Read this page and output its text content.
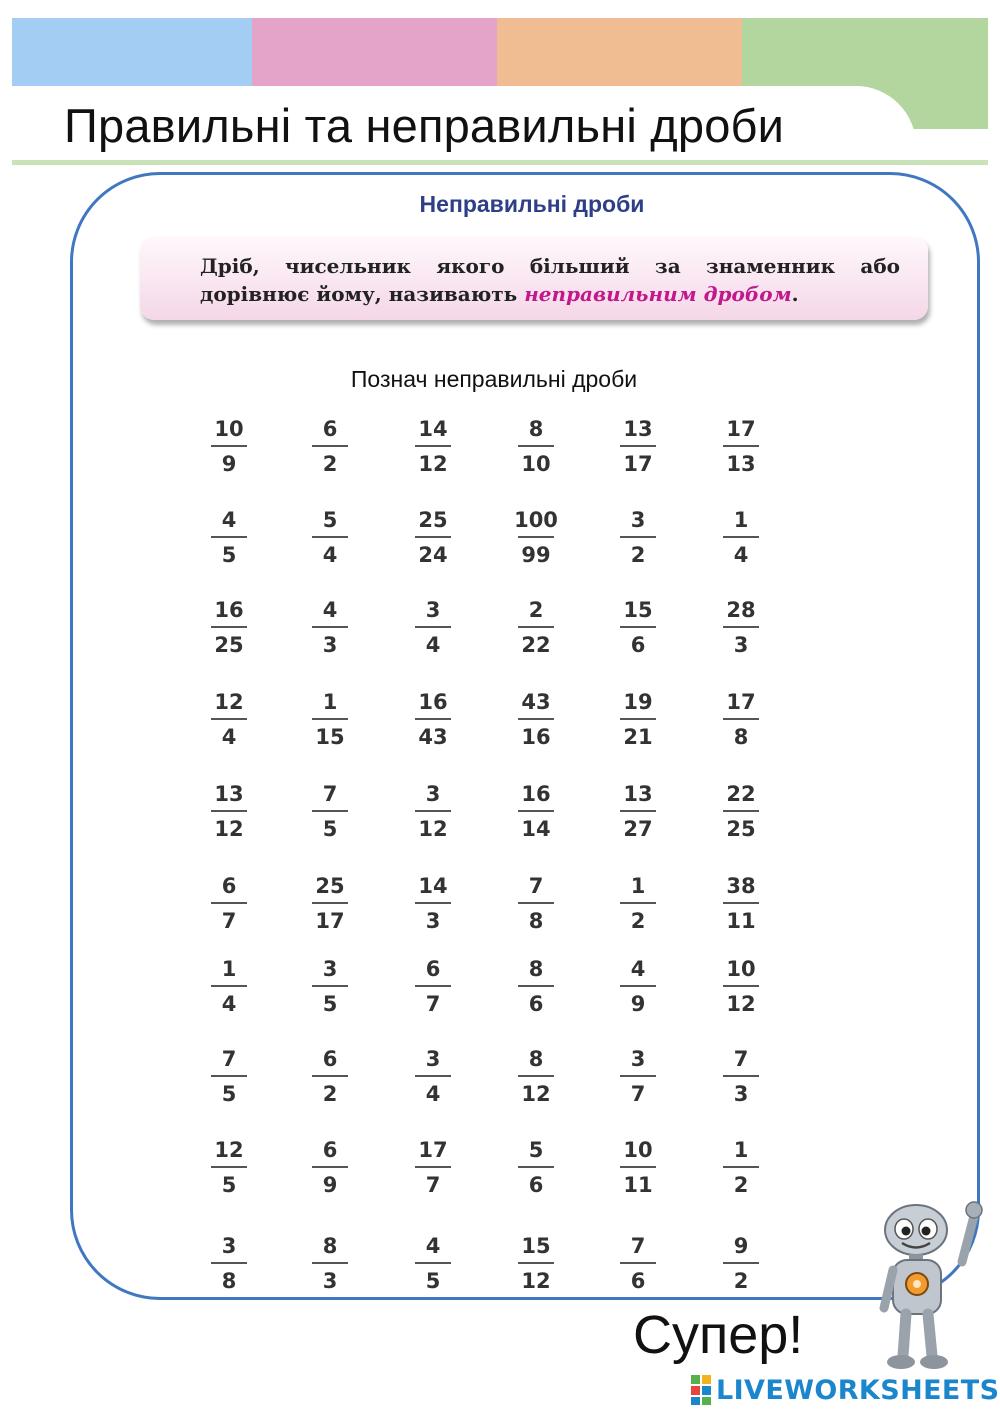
Правильні та неправильні дроби
Неправильні дроби
Дріб, чисельник якого більший за знаменник або дорівнює йому, називають неправильним дробом.
Познач неправильні дроби
10
9
6
2
14
12
8
10
13
17
17
13
4
5
5
4
25
24
100
99
3
2
1
4
16
25
4
3
3
4
2
22
15
6
28
3
12
4
1
15
16
43
43
16
19
21
17
8
13
12
7
5
3
12
16
14
13
27
22
25
6
7
25
17
14
3
7
8
1
2
38
11
1
4
3
5
6
7
8
6
4
9
10
12
7
5
6
2
3
4
8
12
3
7
7
3
12
5
6
9
17
7
5
6
10
11
1
2
3
8
8
3
4
5
15
12
7
6
9
2
Супер!
LIVEWORKSHEETS
